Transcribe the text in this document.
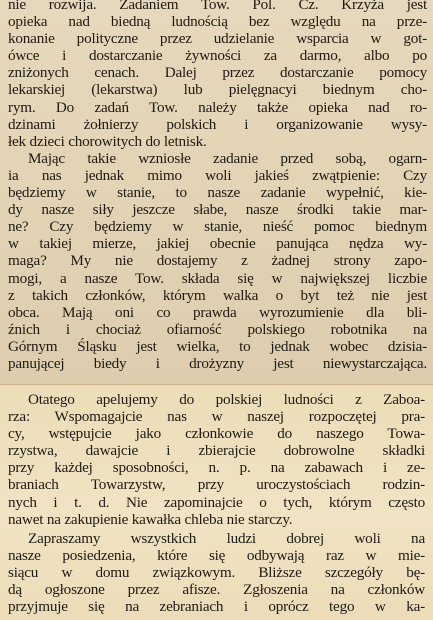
nie rozwija. Zadaniem Tow. Pol. Cz. Krzyża jest
opieka nad biedną ludnością bez względu na prze-
konanie polityczne przez udzielanie wsparcia w got-
ówce i dostarczanie żywności za darmo, albo po
zniżonych cenach. Dalej przez dostarczanie pomocy
lekarskiej (lekarstwa) lub pielęgnacyi biednym cho-
rym. Do zadań Tow. należy także opieka nad ro-
dzinami żołnierzy polskich i organizowanie wysy-
łek dzieci chorowitych do letnisk.
Mając takie wzniosłe zadanie przed sobą, ogarn-
ia nas jednak mimo woli jakieś zwątpienie: Czy
będziemy w stanie, to nasze zadanie wypełnić, kie-
dy nasze siły jeszcze słabe, nasze środki takie mar-
ne? Czy będziemy w stanie, nieść pomoc biednym
w takiej mierze, jakiej obecnie panująca nędza wy-
maga? My nie dostajemy z żadnej strony zapo-
mogi, a nasze Tow. składa się w największej liczbie
z takich członków, którym walka o byt też nie jest
obca. Mają oni co prawda wyrozumienie dla bli-
źnich i chociaż ofiarność polskiego robotnika na
Górnym Śląsku jest wielka, to jednak wobec dzisia-
panującej biedy i drożyzny jest niewystarczająca.
Otatego apelujemy do polskiej ludności z Zaboa-
rza: Wspomagajcie nas w naszej rozpoczętej pra-
cy, wstępujcie jako członkowie do naszego Towa-
rzystwa, dawajcie i zbierajcie dobrowolne składki
przy każdej sposobności, n. p. na zabawach i ze-
braniach Towarzystw, przy uroczystościach rodzin-
nych i t. d. Nie zapominajcie o tych, którym często
nawet na zakupienie kawałka chleba nie starczy.
Zapraszamy wszystkich ludzi dobrej woli na
nasze posiedzenia, które się odbywają raz w mie-
siącu w domu związkowym. Bliższe szczegóły bę-
dą ogłoszone przez afisze. Zgłoszenia na członków
przyjmuje się na zebraniach i oprócz tego w ka-
